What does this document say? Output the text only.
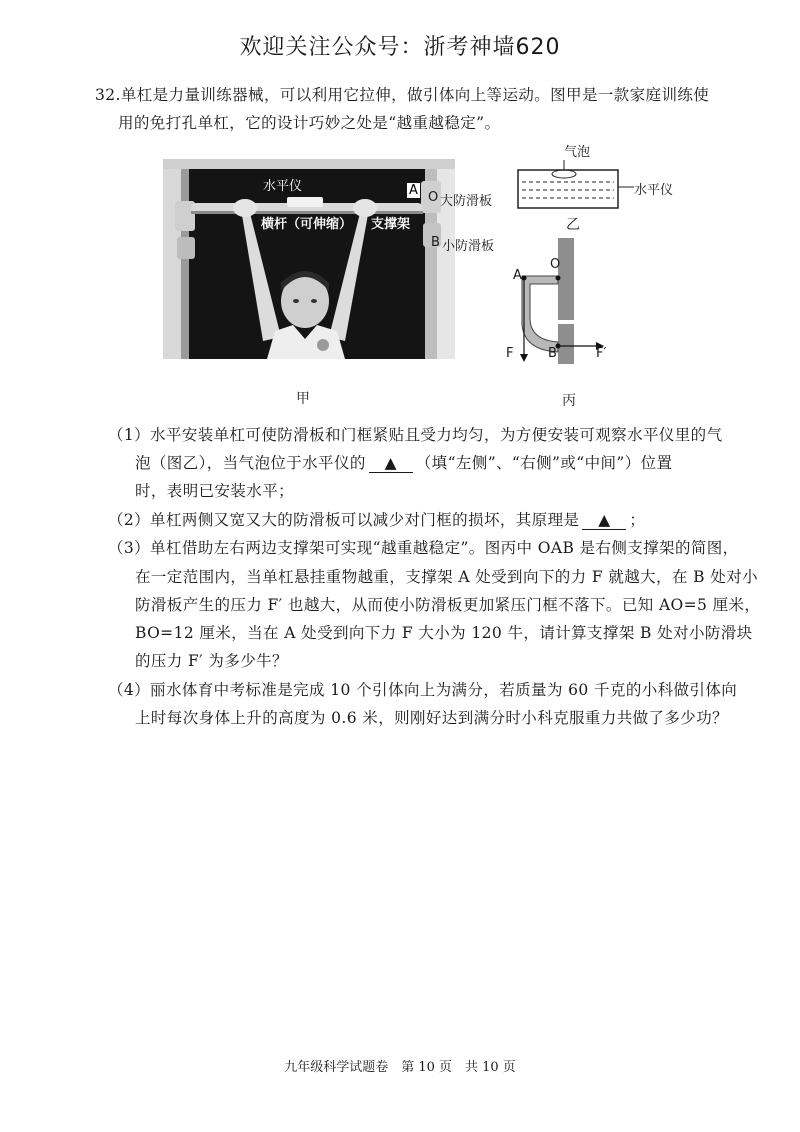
欢迎关注公众号：浙考神墙620
32.单杠是力量训练器械，可以利用它拉伸，做引体向上等运动。图甲是一款家庭训练使
用的免打孔单杠，它的设计巧妙之处是“越重越稳定”。
水平仪
横杆（可伸缩） 支撑架
A O 大防滑板
B 小防滑板
甲
气泡
水平仪
乙
A
O
F	B	F′
丙
（1）水平安装单杠可使防滑板和门框紧贴且受力均匀，为方便安装可观察水平仪里的气
泡（图乙），当气泡位于水平仪的 ▲ （填“左侧”、“右侧”或“中间”）位置
时，表明已安装水平；
（2）单杠两侧又宽又大的防滑板可以减少对门框的损坏，其原理是 ▲ ；
（3）单杠借助左右两边支撑架可实现“越重越稳定”。图丙中 OAB 是右侧支撑架的简图，
在一定范围内，当单杠悬挂重物越重，支撑架 A 处受到向下的力 F 就越大，在 B 处对小
防滑板产生的压力 F′ 也越大，从而使小防滑板更加紧压门框不落下。已知 AO=5 厘米，
BO=12 厘米，当在 A 处受到向下力 F 大小为 120 牛，请计算支撑架 B 处对小防滑块
的压力 F′ 为多少牛？
（4）丽水体育中考标准是完成 10 个引体向上为满分，若质量为 60 千克的小科做引体向
上时每次身体上升的高度为 0.6 米，则刚好达到满分时小科克服重力共做了多少功？
九年级科学试题卷　第 10 页　共 10 页
